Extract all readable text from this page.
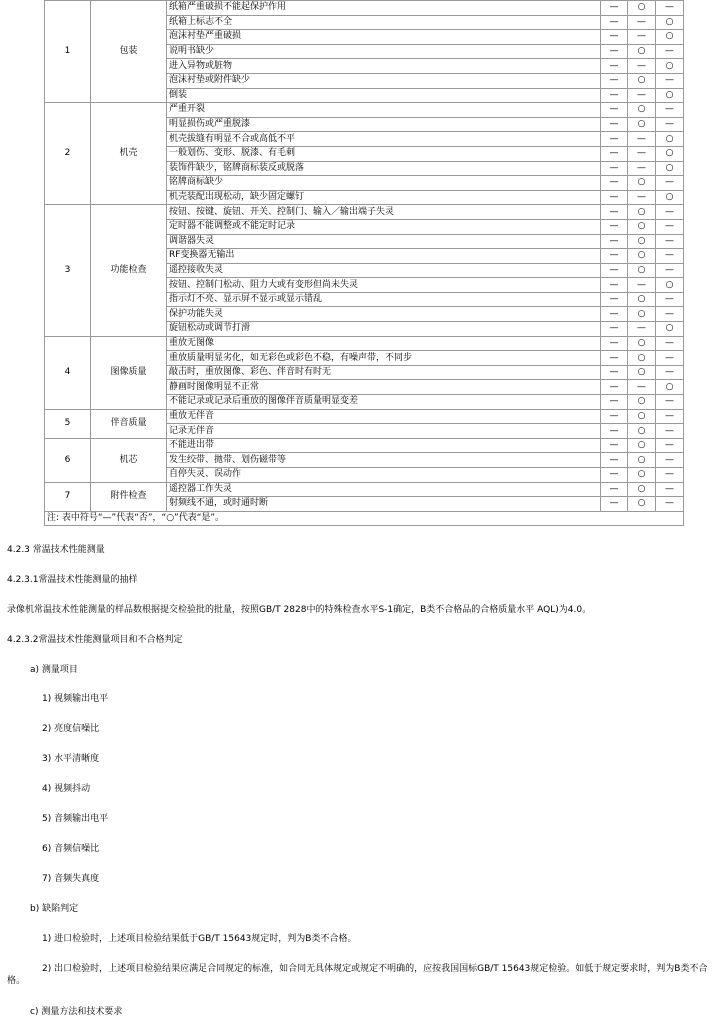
1	包装	纸箱严重破损不能起保护作用	—	○	—
		纸箱上标志不全	—	—	○
		泡沫衬垫严重破损	—	—	○
		说明书缺少	—	○	—
		进入异物或脏物	—	—	○
		泡沫衬垫或附件缺少	—	○	—
		倒装	—	—	○
2	机壳	严重开裂	—	○	—
		明显损伤或严重脱漆	—	○	—
		机壳拔缝有明显不合或高低不平	—	—	○
		一般划伤、变形、脱漆、有毛刺	—	—	○
		装饰件缺少，铭牌商标装反或脱落	—	—	○
		铭牌商标缺少	—	○	—
		机壳装配出现松动，缺少固定螺钉	—	—	○
3	功能检查	按钮、按键、旋钮、开关、控制门、输入／输出端子失灵	—	○	—
		定时器不能调整或不能定时记录	—	○	—
		调谐器失灵	—	○	—
		RF变换器无输出	—	○	—
		遥控接收失灵	—	○	—
		按钮、控制门松动、阻力大或有变形但尚未失灵	—	—	○
		指示灯不亮、显示屏不显示或显示错乱	—	○	—
		保护功能失灵	—	○	—
		旋钮松动或调节打滑	—	—	○
4	图像质量	重放无图像	—	○	—
		重放质量明显劣化，如无彩色或彩色不稳，有噪声带，不同步	—	○	—
		敲击时，重放图像、彩色、伴音时有时无	—	○	—
		静画时图像明显不正常	—	—	○
		不能记录或记录后重放的图像伴音质量明显变差	—	○	—
5	伴音质量	重放无伴音	—	○	—
		记录无伴音	—	○	—
6	机芯	不能进出带	—	○	—
		发生绞带、拋带、划伤磁带等	—	○	—
		自停失灵、误动作	—	○	—
7	附件检查	遥控器工作失灵	—	○	—
		射频线不通，或时通时断	—	○	—
注: 表中符号“—”代表“否”，“○”代表“是”。					
4.2.3 常温技术性能测量
4.2.3.1常温技术性能测量的抽样
录像机常温技术性能测量的样品数根据提交检验批的批量，按照GB/T 2828中的特殊检查水平S-1确定，B类不合格品的合格质量水平 AQL)为4.0。
4.2.3.2常温技术性能测量项目和不合格判定
a) 测量项目
1) 视频输出电平
2) 亮度信噪比
3) 水平清晰度
4) 视频抖动
5) 音频输出电平
6) 音频信噪比
7) 音频失真度
b) 缺陷判定
1) 进口检验时，上述项目检验结果低于GB/T 15643规定时，判为B类不合格。
2) 出口检验时，上述项目检验结果应满足合同规定的标准，如合同无具体规定或规定不明确的，应按我国国标GB/T 15643规定检验。如低于规定要求时，判为B类不合格。
c) 测量方法和技术要求
